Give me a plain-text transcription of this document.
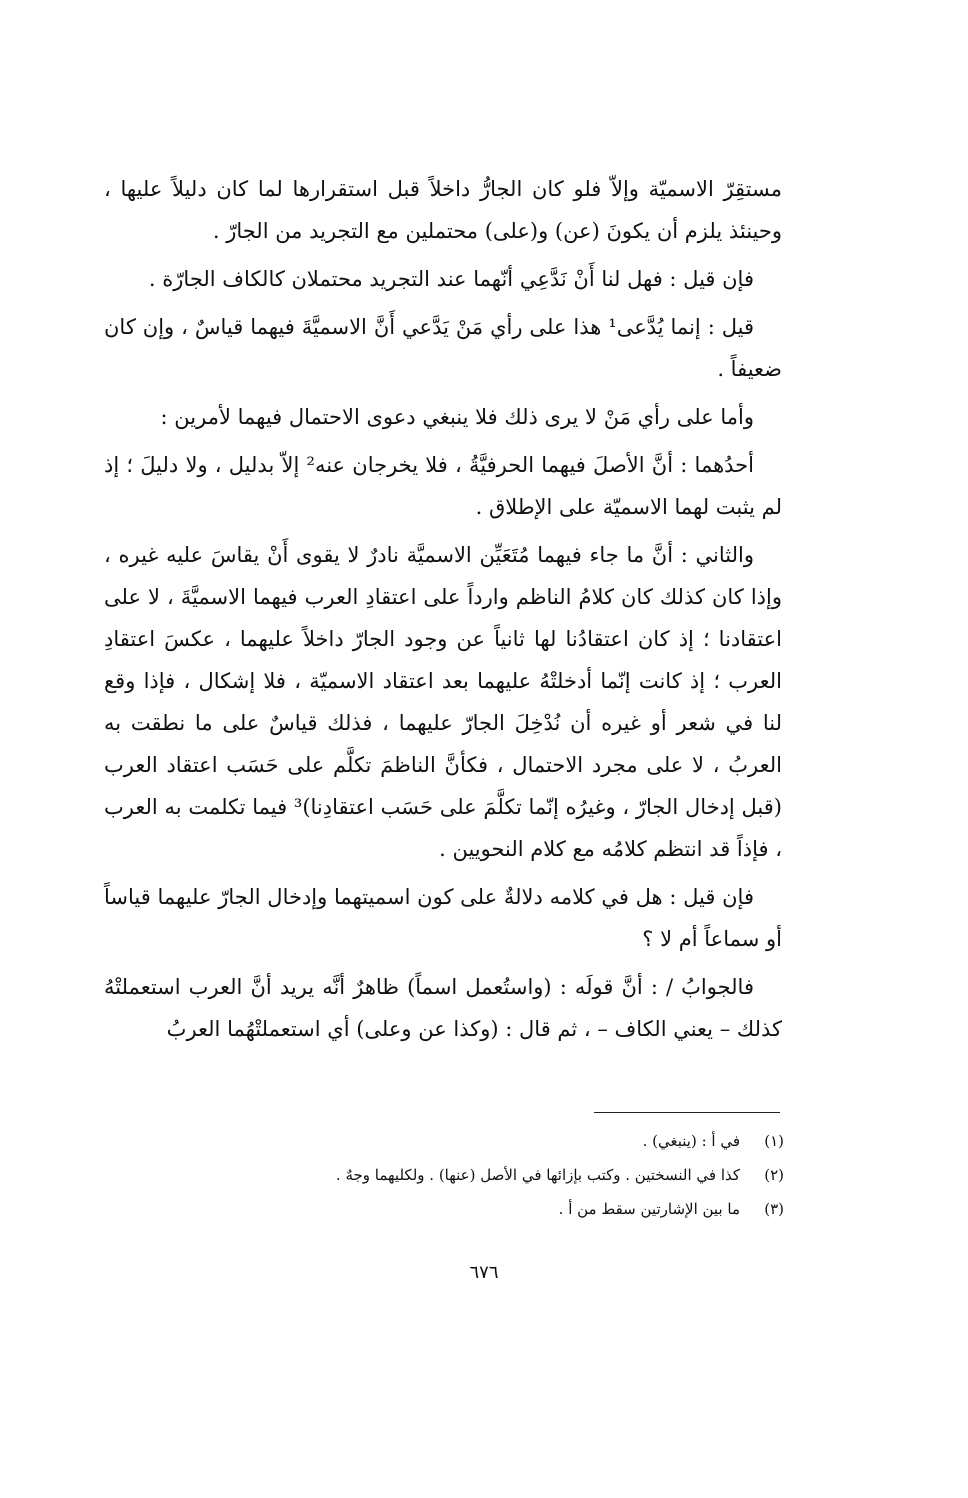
مستقِرّ الاسميّة وإلاّ فلو كان الجارُّ داخلاً قبل استقرارها لما كان دليلاً عليها ، وحينئذ يلزم أن يكونَ (عن) و(على) محتملين مع التجريد من الجارّ .

فإن قيل : فهل لنا أَنْ نَدَّعِي أنّهما عند التجريد محتملان كالكاف الجارّة .

قيل : إنما يُدَّعى¹ هذا على رأي مَنْ يَدَّعي أَنَّ الاسميَّةَ فيهما قياسٌ ، وإن كان ضعيفاً .

وأما على رأي مَنْ لا يرى ذلك فلا ينبغي دعوى الاحتمال فيهما لأمرين :

أحدُهما : أنَّ الأصلَ فيهما الحرفيَّةُ ، فلا يخرجان عنه² إلاّ بدليل ، ولا دليلَ ؛ إذ لم يثبت لهما الاسميّة على الإطلاق .

والثاني : أنَّ ما جاء فيهما مُتَعَيِّن الاسميَّة نادرٌ لا يقوى أَنْ يقاسَ عليه غيره ، وإذا كان كذلك كان كلامُ الناظم وارداً على اعتقادِ العرب فيهما الاسميَّةَ ، لا على اعتقادنا ؛ إذ كان اعتقادُنا لها ثانياً عن وجود الجارّ داخلاً عليهما ، عكسَ اعتقادِ العرب ؛ إذ كانت إنّما أدخلتْهُ عليهما بعد اعتقاد الاسميّة ، فلا إشكال ، فإذا وقع لنا في شعر أو غيره أن نُدْخِلَ الجارّ عليهما ، فذلك قياسٌ على ما نطقت به العربُ ، لا على مجرد الاحتمال ، فكأنَّ الناظمَ تكلَّم على حَسَب اعتقاد العرب (قبل إدخال الجارّ ، وغيرُه إنّما تكلَّمَ على حَسَب اعتقادِنا)³ فيما تكلمت به العرب ، فإذاً قد انتظم كلامُه مع كلام النحويين .

فإن قيل : هل في كلامه دلالةٌ على كون اسميتهما وإدخال الجارّ عليهما قياساً أو سماعاً أم لا ؟

فالجوابُ / : أنَّ قولَه : (واستُعمل اسماً) ظاهرٌ أنَّه يريد أنَّ العرب استعملتْهُ كذلك – يعني الكاف – ، ثم قال : (وكذا عن وعلى) أي استعملتْهُما العربُ

(١)
في أ : (ينبغي) .
(٢)
كذا في النسختين . وكتب بإزائها في الأصل (عنها) . ولكليهما وجهٌ .
(٣)
ما بين الإشارتين سقط من أ .
٦٧٦
